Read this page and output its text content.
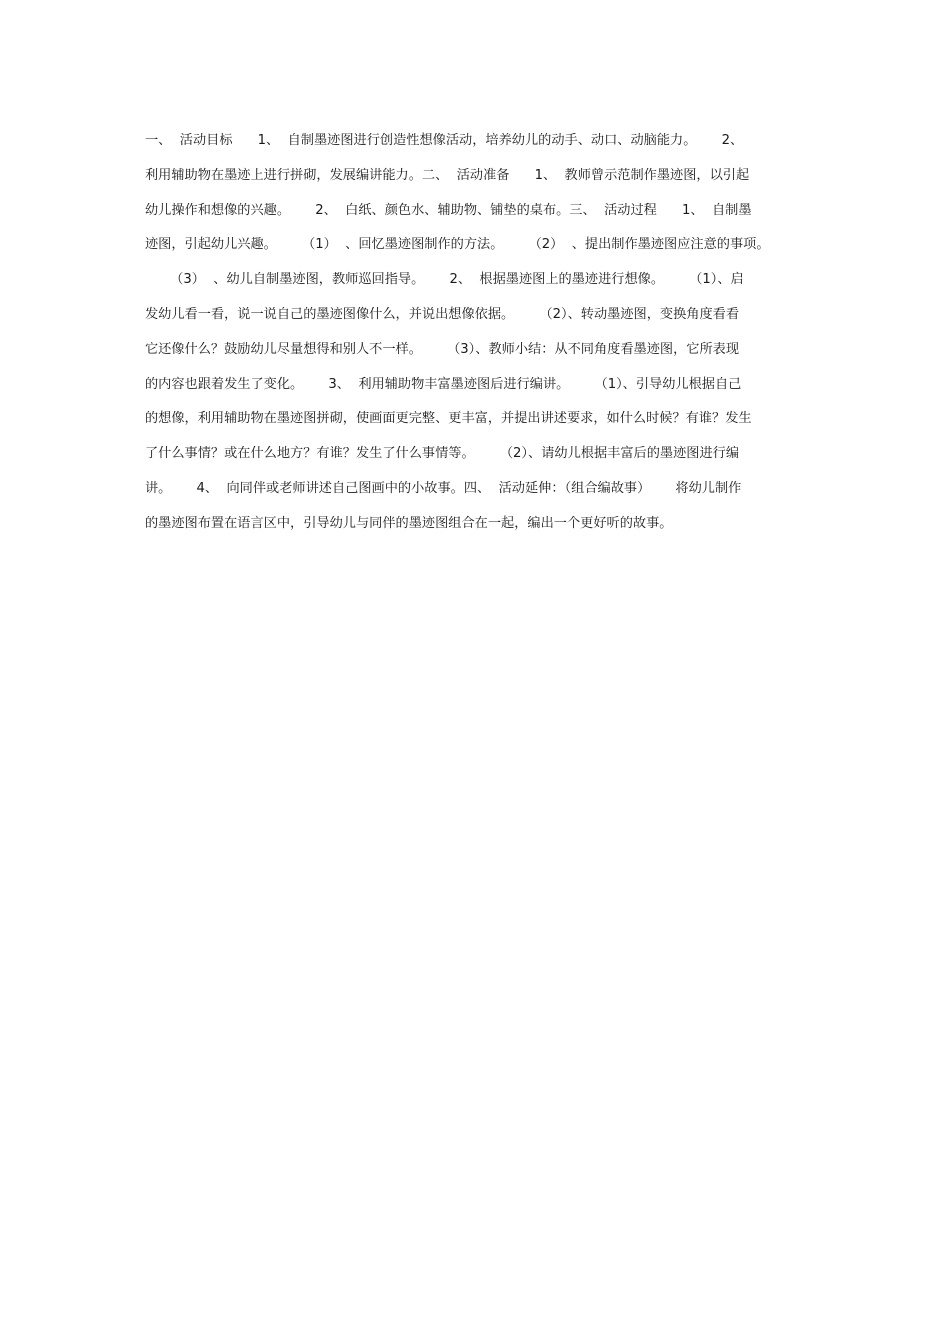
一、  活动目标      1、  自制墨迹图进行创造性想像活动，培养幼儿的动手、动口、动脑能力。      2、
利用辅助物在墨迹上进行拼砌，发展编讲能力。二、  活动准备      1、  教师曾示范制作墨迹图，以引起
幼儿操作和想像的兴趣。      2、  白纸、颜色水、辅助物、铺垫的桌布。三、  活动过程      1、  自制墨
迹图，引起幼儿兴趣。      （1）  、回忆墨迹图制作的方法。      （2）  、提出制作墨迹图应注意的事项。
（3）  、幼儿自制墨迹图，教师巡回指导。      2、  根据墨迹图上的墨迹进行想像。      （1）、启
发幼儿看一看，说一说自己的墨迹图像什么，并说出想像依据。      （2）、转动墨迹图，变换角度看看
它还像什么？鼓励幼儿尽量想得和别人不一样。      （3）、教师小结：从不同角度看墨迹图，它所表现
的内容也跟着发生了变化。      3、  利用辅助物丰富墨迹图后进行编讲。      （1）、引导幼儿根据自己
的想像，利用辅助物在墨迹图拼砌，使画面更完整、更丰富，并提出讲述要求，如什么时候？有谁？发生
了什么事情？或在什么地方？有谁？发生了什么事情等。      （2）、请幼儿根据丰富后的墨迹图进行编
讲。      4、  向同伴或老师讲述自己图画中的小故事。四、  活动延伸：（组合编故事）      将幼儿制作
的墨迹图布置在语言区中，引导幼儿与同伴的墨迹图组合在一起，编出一个更好听的故事。
